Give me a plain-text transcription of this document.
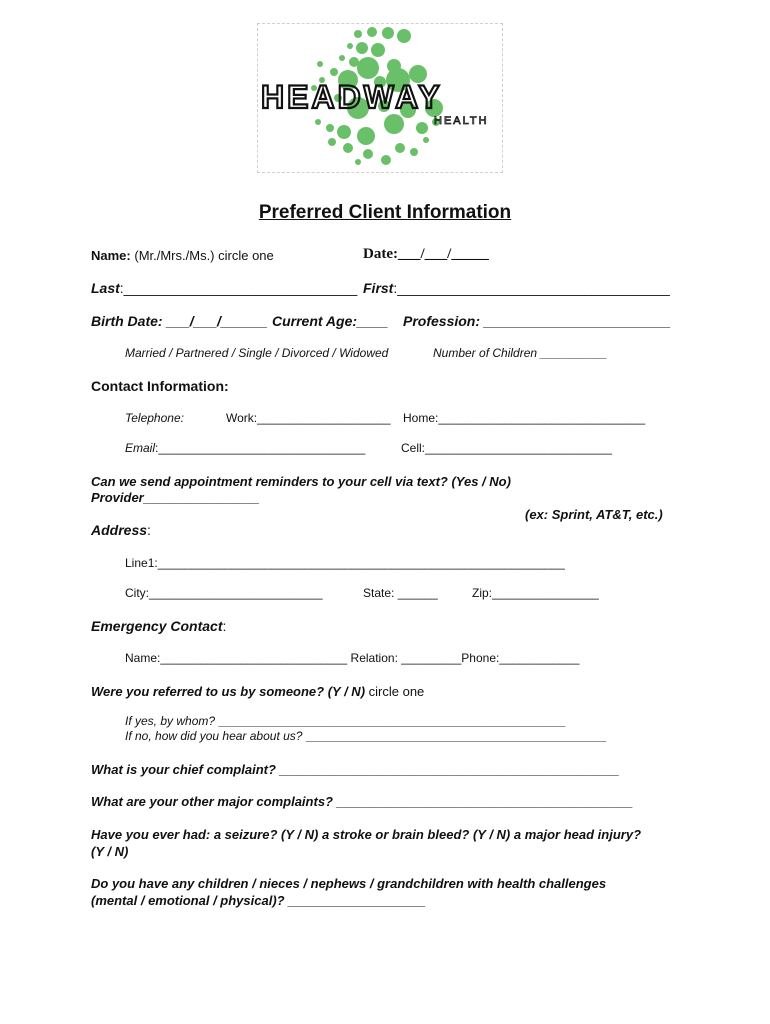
HEADWAY
HEALTH
Preferred Client Information
Name: (Mr./Mrs./Ms.) circle one	Date:___/___/_____
Last:______________________________ First:___________________________________
Birth Date: ___/___/______ Current Age:____ Profession: ________________________
Married / Partnered / Single / Divorced / Widowed	Number of Children __________
Contact Information:
Telephone:	Work:____________________ Home:_______________________________
Email:_______________________________	Cell:____________________________
Can we send appointment reminders to your cell via text? (Yes / No)
Provider________________
(ex: Sprint, AT&T, etc.)
Address:
Line1:_____________________________________________________________
City:__________________________	State: ______	Zip:________________
Emergency Contact:
Name:____________________________ Relation: _________Phone:____________
Were you referred to us by someone? (Y / N) circle one
If yes, by whom? ____________________________________________________
If no, how did you hear about us? _____________________________________________
What is your chief complaint? _______________________________________________
What are your other major complaints? _________________________________________
Have you ever had: a seizure? (Y / N) a stroke or brain bleed? (Y / N) a major head injury?
(Y / N)
Do you have any children / nieces / nephews / grandchildren with health challenges
(mental / emotional / physical)? ___________________
